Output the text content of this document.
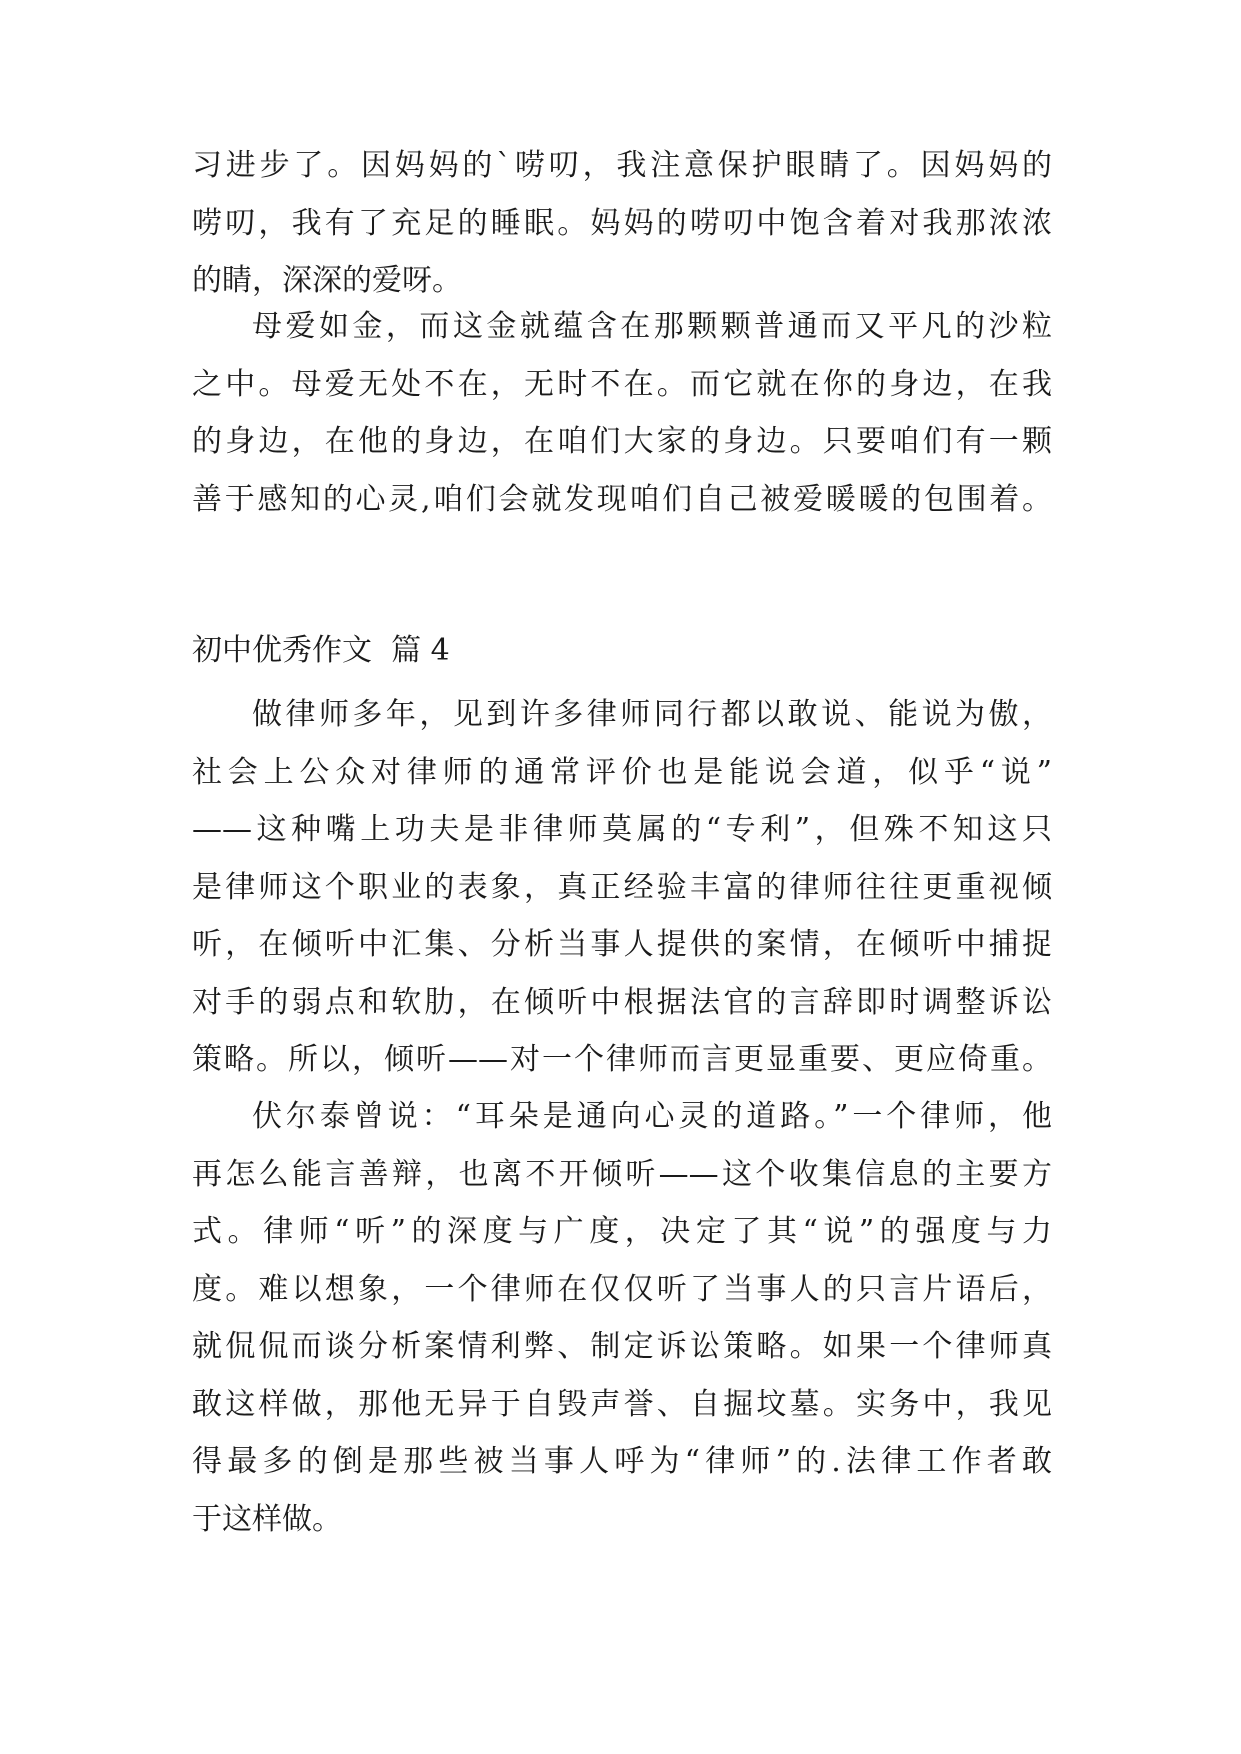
习进步了。因妈妈的`唠叨，我注意保护眼睛了。因妈妈的
唠叨，我有了充足的睡眠。妈妈的唠叨中饱含着对我那浓浓
的睛，深深的爱呀。
母爱如金，而这金就蕴含在那颗颗普通而又平凡的沙粒
之中。母爱无处不在，无时不在。而它就在你的身边，在我
的身边，在他的身边，在咱们大家的身边。只要咱们有一颗
善于感知的心灵,咱们会就发现咱们自己被爱暖暖的包围着。
初中优秀作文  篇 4
做律师多年，见到许多律师同行都以敢说、能说为傲，
社会上公众对律师的通常评价也是能说会道，似乎“说”
——这种嘴上功夫是非律师莫属的“专利”，但殊不知这只
是律师这个职业的表象，真正经验丰富的律师往往更重视倾
听，在倾听中汇集、分析当事人提供的案情，在倾听中捕捉
对手的弱点和软肋，在倾听中根据法官的言辞即时调整诉讼
策略。所以，倾听——对一个律师而言更显重要、更应倚重。
伏尔泰曾说：“耳朵是通向心灵的道路。”一个律师，他
再怎么能言善辩，也离不开倾听——这个收集信息的主要方
式。律师“听”的深度与广度，决定了其“说”的强度与力
度。难以想象，一个律师在仅仅听了当事人的只言片语后，
就侃侃而谈分析案情利弊、制定诉讼策略。如果一个律师真
敢这样做，那他无异于自毁声誉、自掘坟墓。实务中，我见
得最多的倒是那些被当事人呼为“律师”的.法律工作者敢
于这样做。
